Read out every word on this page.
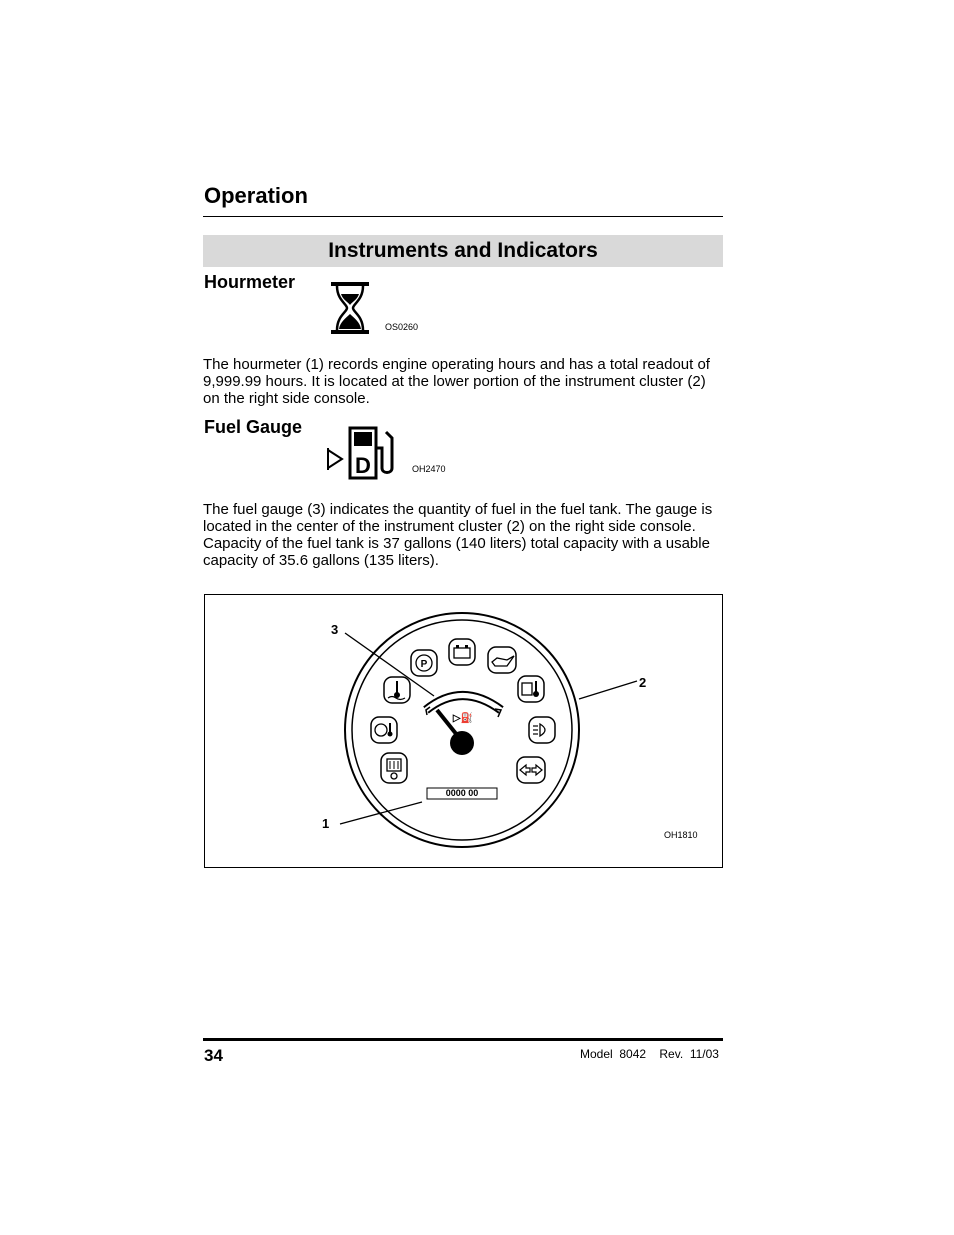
Operation
Instruments and Indicators
Hourmeter
OS0260
The hourmeter (1) records engine operating hours and has a total readout of 9,999.99 hours. It is located at the lower portion of the instrument cluster (2) on the right side console.
Fuel Gauge
D	OH2470
The fuel gauge (3) indicates the quantity of fuel in the fuel tank. The gauge is located in the center of the instrument cluster (2) on the right side console. Capacity of the fuel tank is 37 gallons (140 liters) total capacity with a usable capacity of 35.6 gallons (135 liters).
▷⛽
P
3
2
1
0000 00
OH1810
34	Model  8042    Rev.  11/03
